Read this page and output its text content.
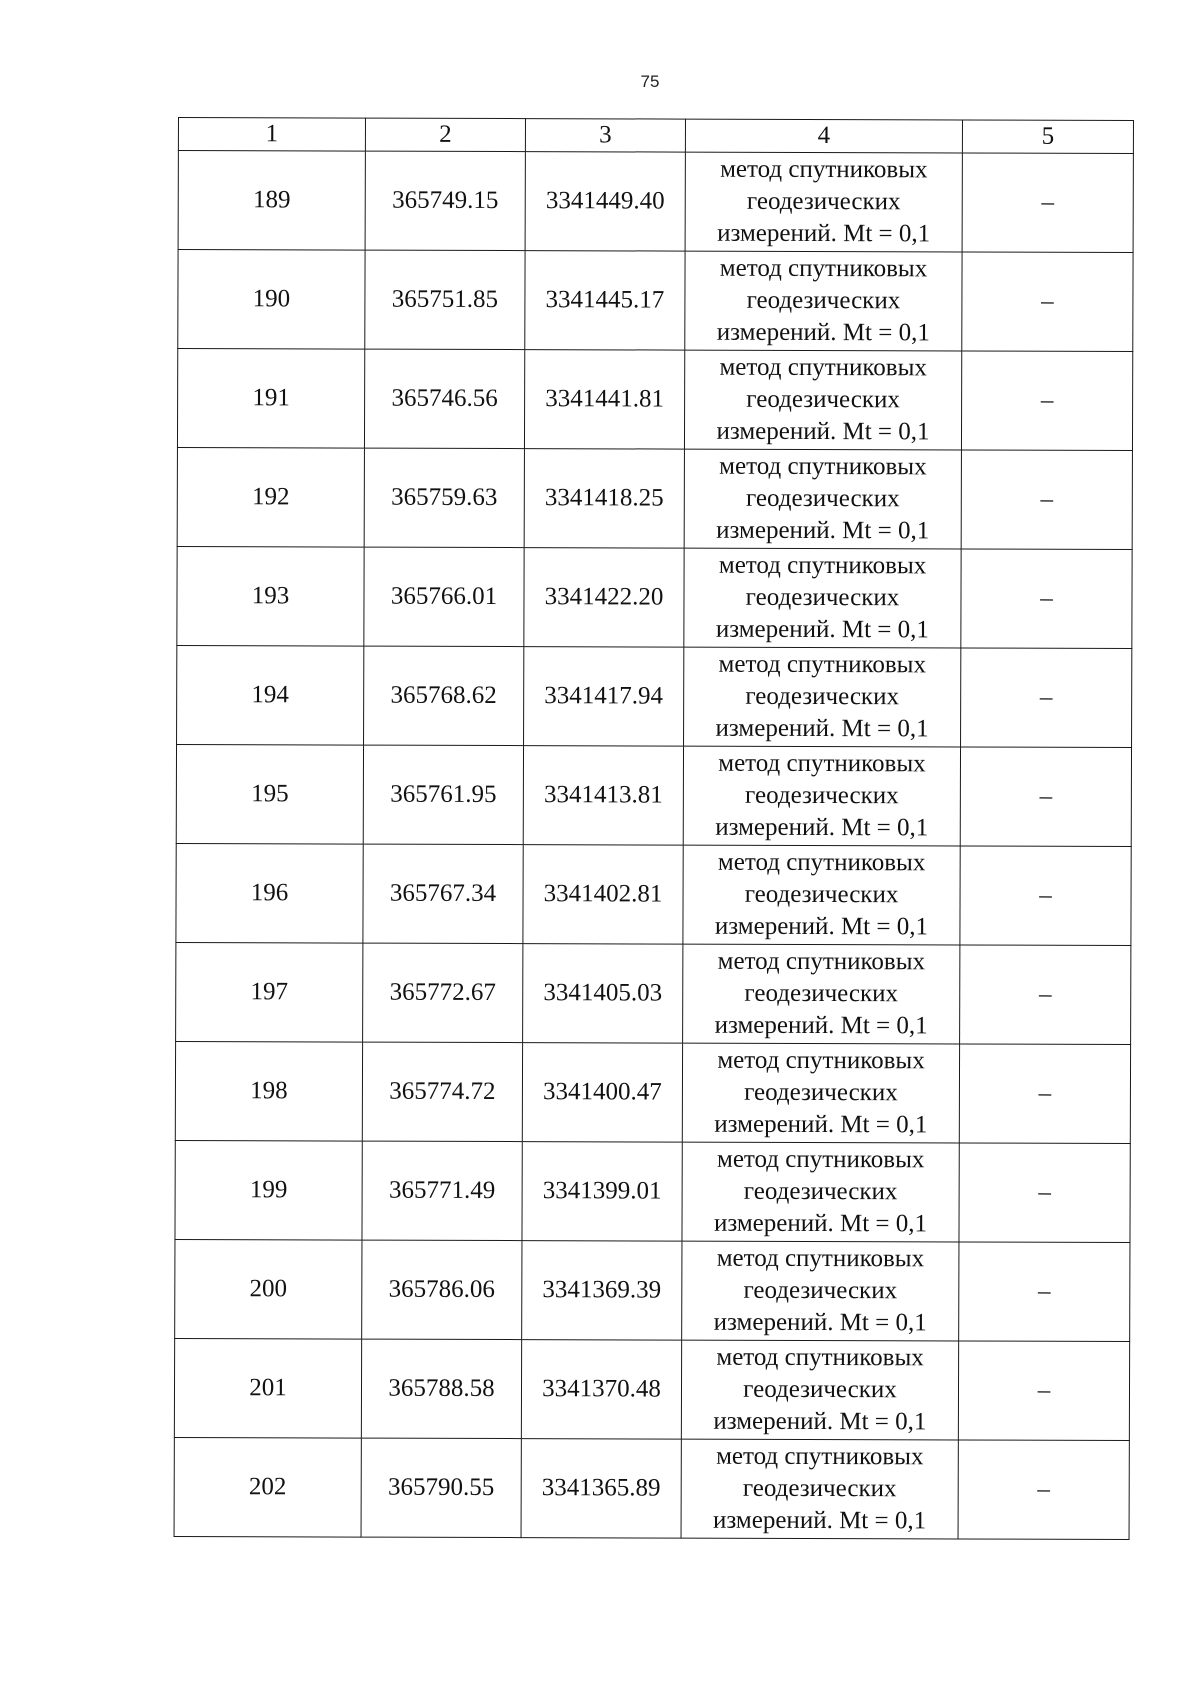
75
1	2	3	4	5
189	365749.15	3341449.40	метод спутниковых
геодезических
измерений. Mt = 0,1	–
190	365751.85	3341445.17	метод спутниковых
геодезических
измерений. Mt = 0,1	–
191	365746.56	3341441.81	метод спутниковых
геодезических
измерений. Mt = 0,1	–
192	365759.63	3341418.25	метод спутниковых
геодезических
измерений. Mt = 0,1	–
193	365766.01	3341422.20	метод спутниковых
геодезических
измерений. Mt = 0,1	–
194	365768.62	3341417.94	метод спутниковых
геодезических
измерений. Mt = 0,1	–
195	365761.95	3341413.81	метод спутниковых
геодезических
измерений. Mt = 0,1	–
196	365767.34	3341402.81	метод спутниковых
геодезических
измерений. Mt = 0,1	–
197	365772.67	3341405.03	метод спутниковых
геодезических
измерений. Mt = 0,1	–
198	365774.72	3341400.47	метод спутниковых
геодезических
измерений. Mt = 0,1	–
199	365771.49	3341399.01	метод спутниковых
геодезических
измерений. Mt = 0,1	–
200	365786.06	3341369.39	метод спутниковых
геодезических
измерений. Mt = 0,1	–
201	365788.58	3341370.48	метод спутниковых
геодезических
измерений. Mt = 0,1	–
202	365790.55	3341365.89	метод спутниковых
геодезических
измерений. Mt = 0,1	–
